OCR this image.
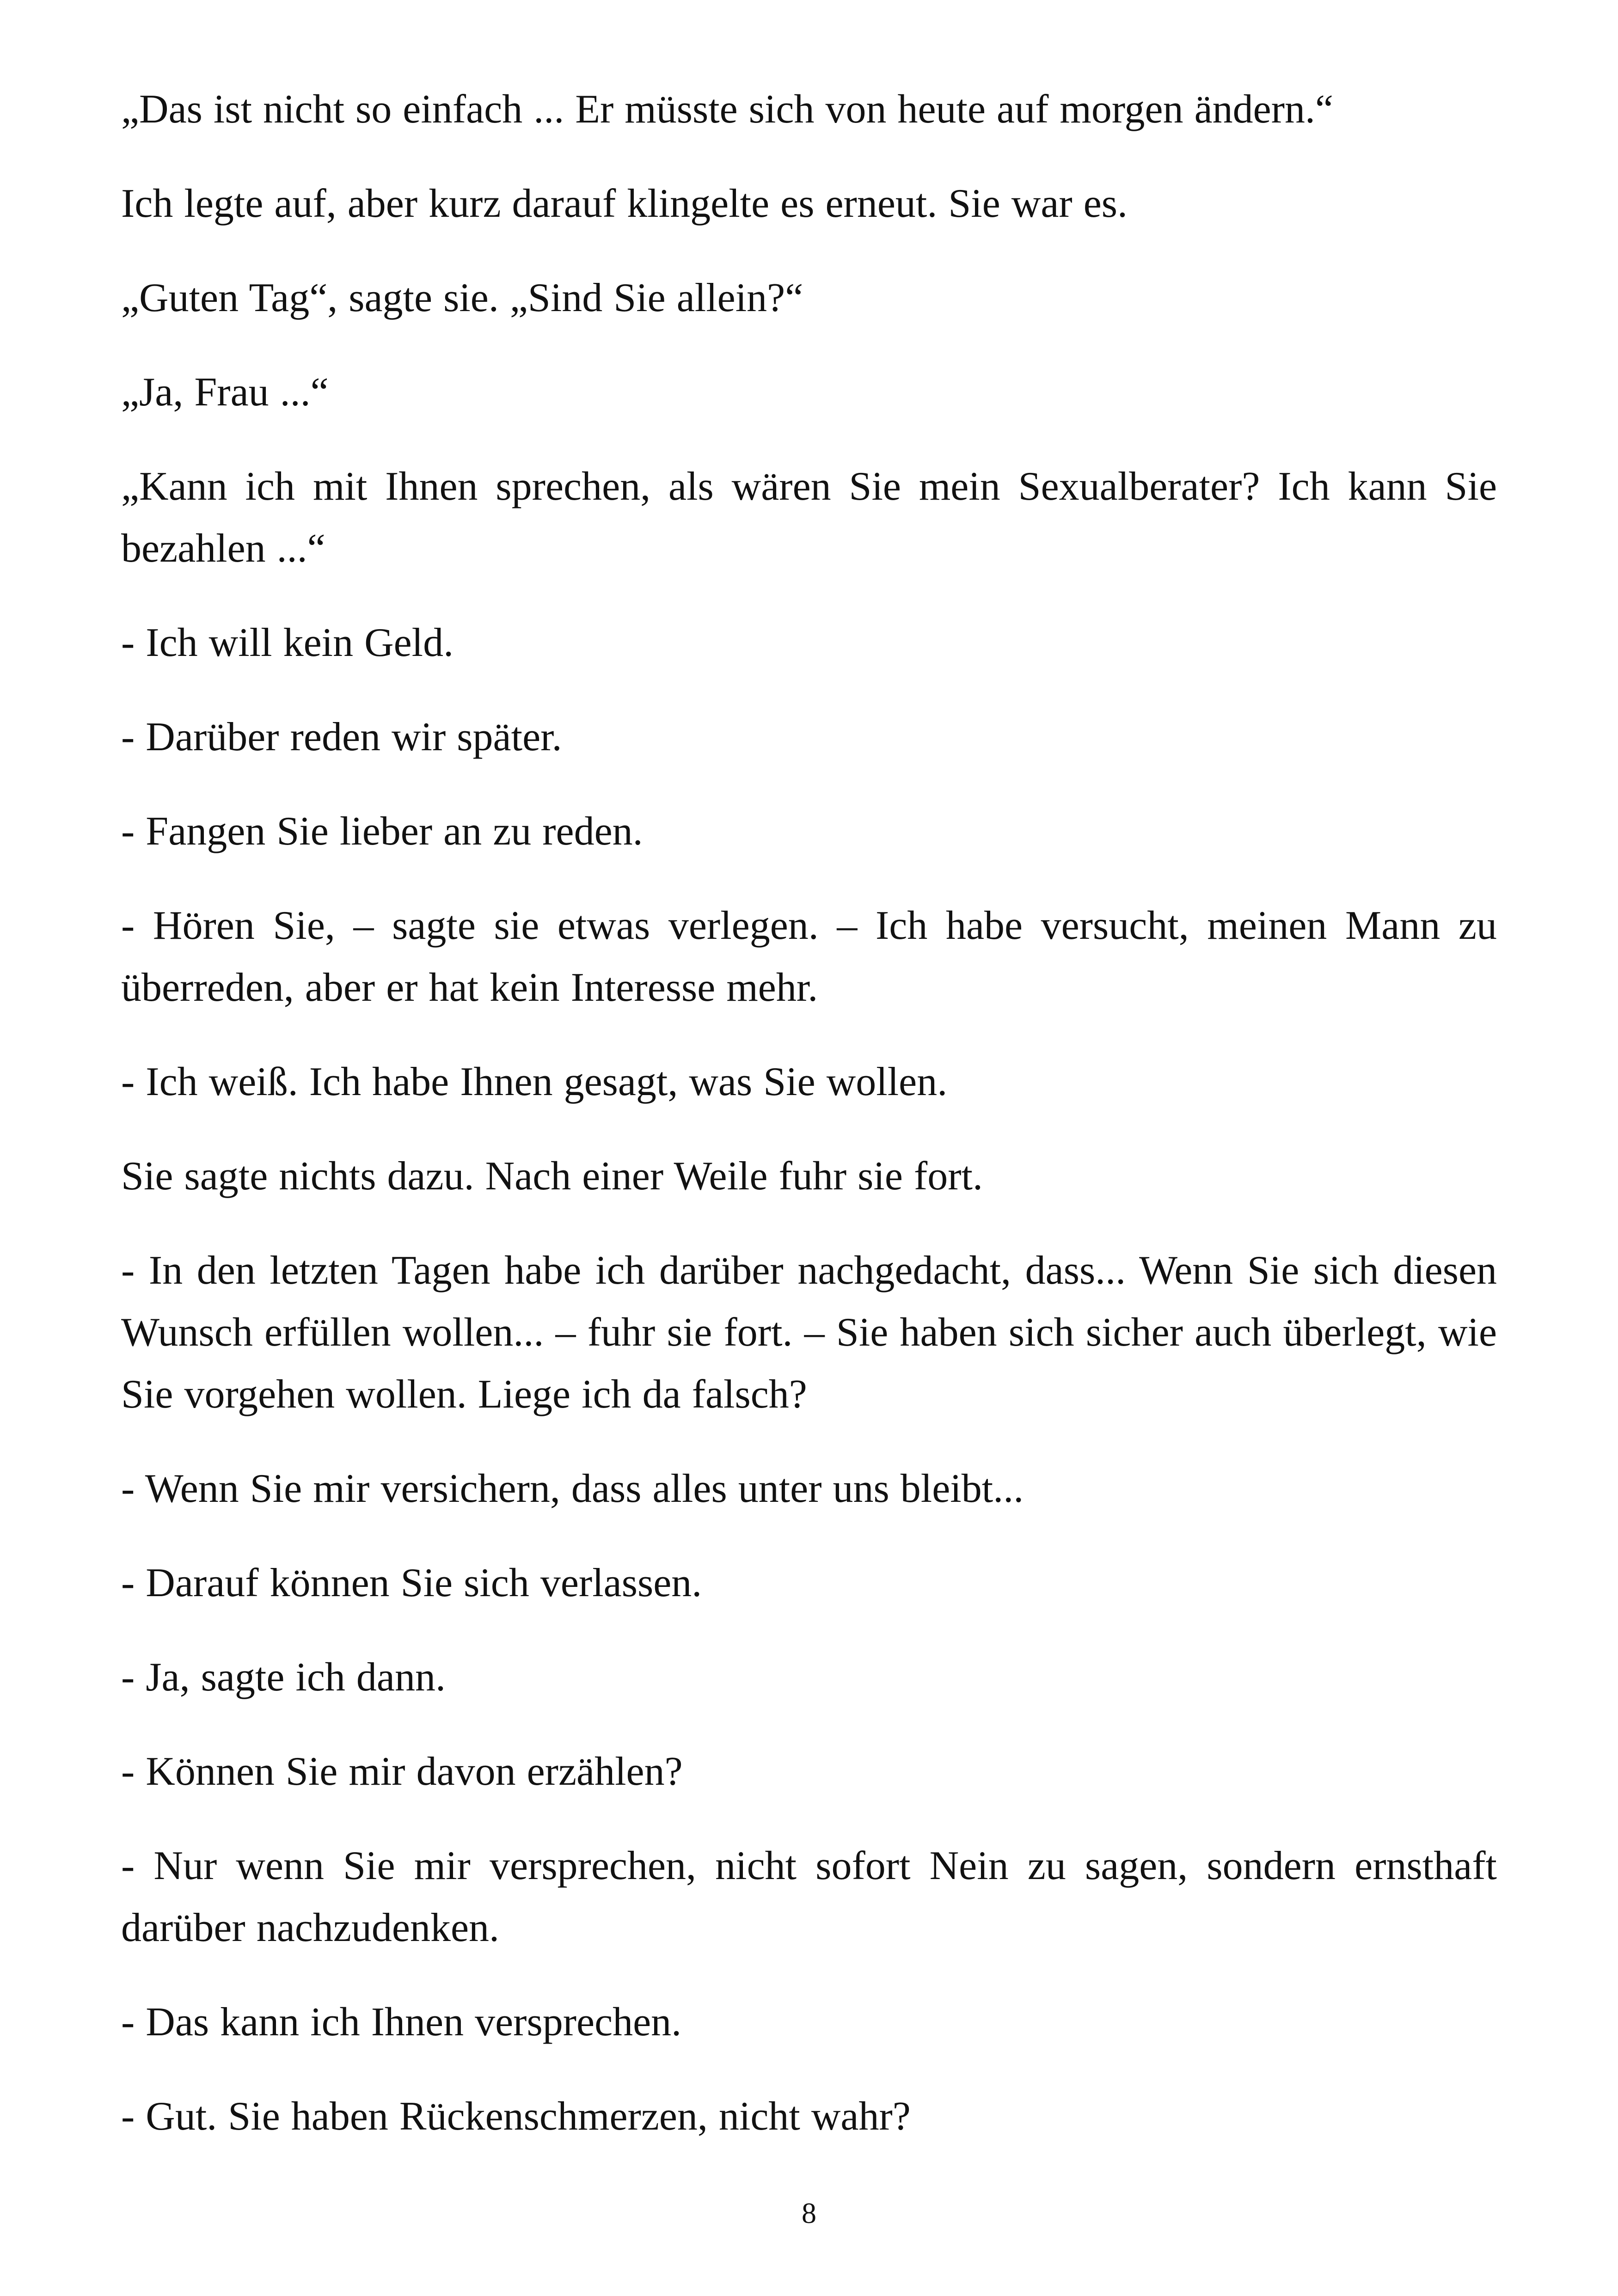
„Das ist nicht so einfach ... Er müsste sich von heute auf morgen ändern.“

Ich legte auf, aber kurz darauf klingelte es erneut. Sie war es.

„Guten Tag“, sagte sie. „Sind Sie allein?“

„Ja, Frau ...“

„Kann ich mit Ihnen sprechen, als wären Sie mein Sexualberater? Ich kann Sie bezahlen ...“

- Ich will kein Geld.

- Darüber reden wir später.

- Fangen Sie lieber an zu reden.

- Hören Sie, – sagte sie etwas verlegen. – Ich habe versucht, meinen Mann zu überreden, aber er hat kein Interesse mehr.

- Ich weiß. Ich habe Ihnen gesagt, was Sie wollen.

Sie sagte nichts dazu. Nach einer Weile fuhr sie fort.

- In den letzten Tagen habe ich darüber nachgedacht, dass... Wenn Sie sich diesen Wunsch erfüllen wollen... – fuhr sie fort. – Sie haben sich sicher auch überlegt, wie Sie vorgehen wollen. Liege ich da falsch?

- Wenn Sie mir versichern, dass alles unter uns bleibt...

- Darauf können Sie sich verlassen.

- Ja, sagte ich dann.

- Können Sie mir davon erzählen?

- Nur wenn Sie mir versprechen, nicht sofort Nein zu sagen, sondern ernsthaft darüber nachzudenken.

- Das kann ich Ihnen versprechen.

- Gut. Sie haben Rückenschmerzen, nicht wahr?

8
